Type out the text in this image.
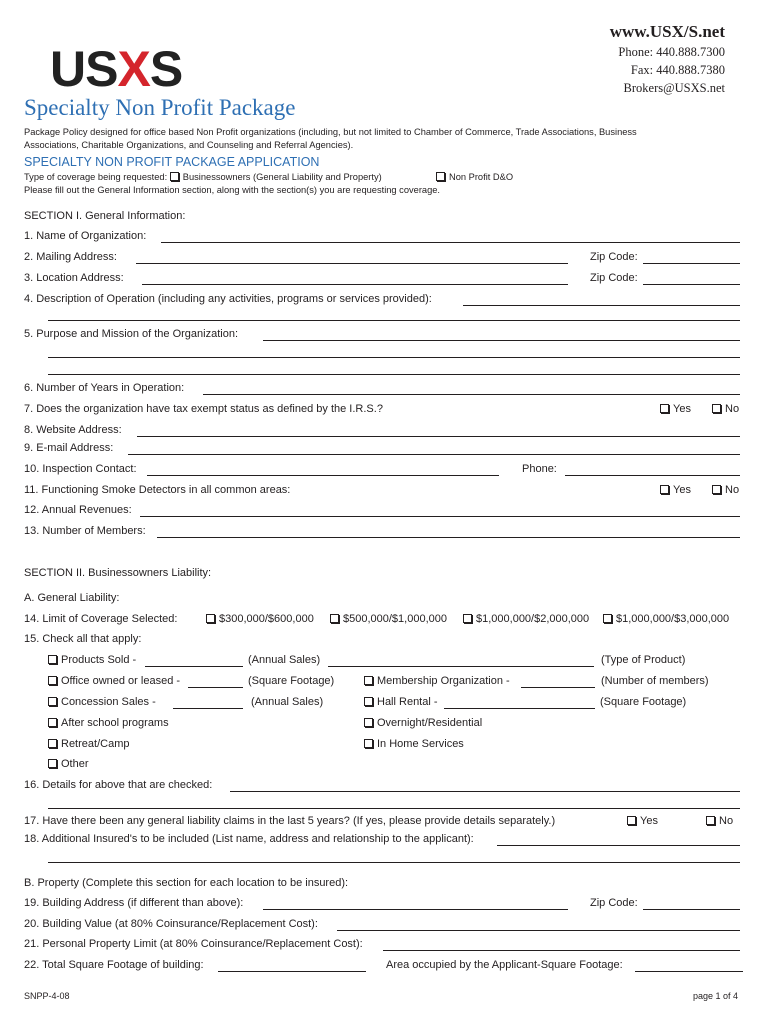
USXS
www.USX/S.net
Phone: 440.888.7300
Fax: 440.888.7380
Brokers@USXS.net
Specialty Non Profit Package
Package Policy designed for office based Non Profit organizations (including, but not limited to Chamber of Commerce, Trade Associations, Business
Associations, Charitable Organizations, and Counseling and Referral Agencies).
SPECIALTY NON PROFIT PACKAGE APPLICATION
Type of coverage being requested: Businessowners (General Liability and Property)	Non Profit D&O
Please fill out the General Information section, along with the section(s) you are requesting coverage.
SECTION I. General Information:
1. Name of Organization:
2. Mailing Address:	Zip Code:
3. Location Address:	Zip Code:
4. Description of Operation (including any activities, programs or services provided):
5. Purpose and Mission of the Organization:
6. Number of Years in Operation:
7. Does the organization have tax exempt status as defined by the I.R.S.?	Yes	No
8. Website Address:
9. E-mail Address:
10. Inspection Contact:	Phone:
11. Functioning Smoke Detectors in all common areas:	Yes	No
12. Annual Revenues:
13. Number of Members:
SECTION II. Businessowners Liability:
A. General Liability:
14. Limit of Coverage Selected:	$300,000/$600,000	$500,000/$1,000,000	$1,000,000/$2,000,000	$1,000,000/$3,000,000
15. Check all that apply:
Products Sold -	(Annual Sales)	(Type of Product)
Office owned or leased -	(Square Footage)	Membership Organization -	(Number of members)
Concession Sales -	(Annual Sales)	Hall Rental -	(Square Footage)
After school programs	Overnight/Residential
Retreat/Camp	In Home Services
Other
16. Details for above that are checked:
17. Have there been any general liability claims in the last 5 years? (If yes, please provide details separately.)	Yes	No
18. Additional Insured's to be included (List name, address and relationship to the applicant):
B. Property (Complete this section for each location to be insured):
19. Building Address (if different than above):	Zip Code:
20. Building Value (at 80% Coinsurance/Replacement Cost):
21. Personal Property Limit (at 80% Coinsurance/Replacement Cost):
22. Total Square Footage of building:	Area occupied by the Applicant-Square Footage:
SNPP-4-08	page 1 of 4
